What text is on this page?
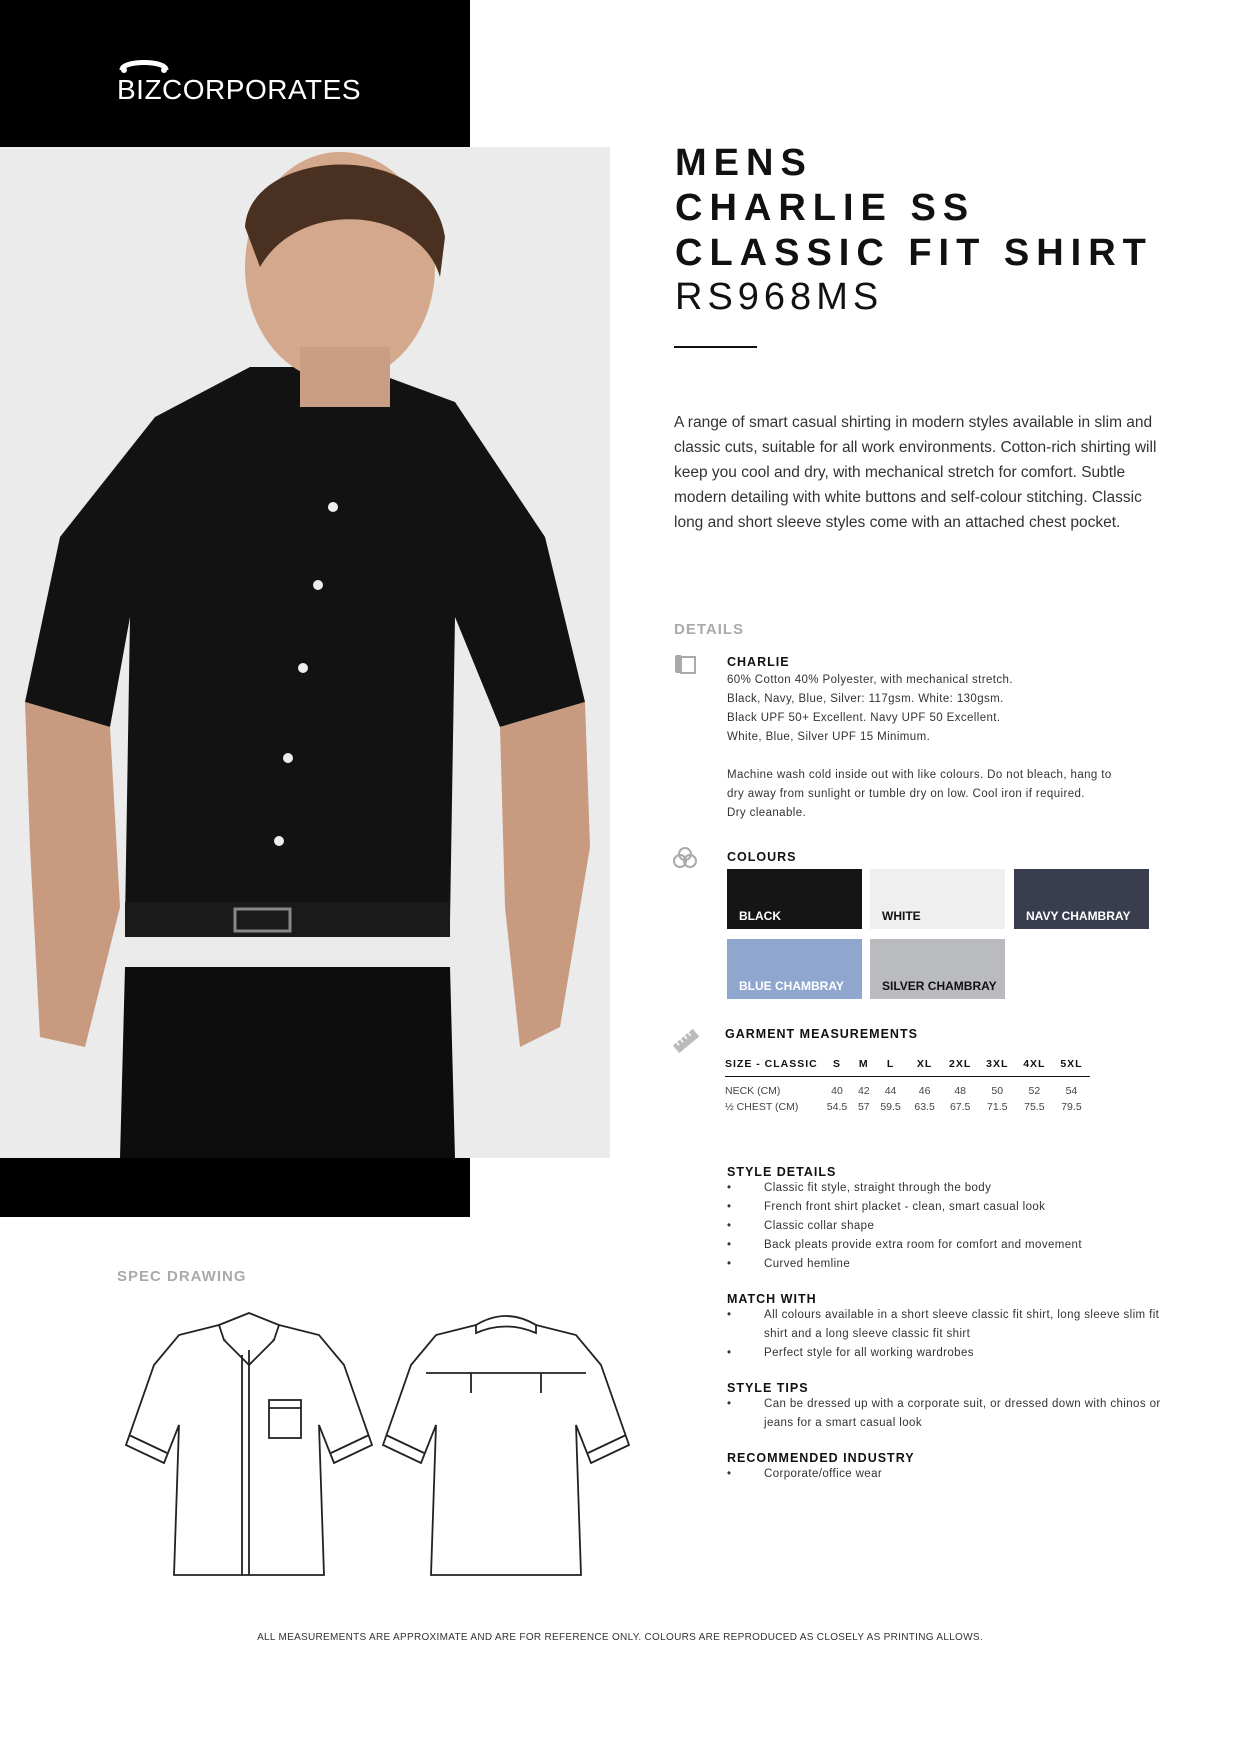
BIZCORPORATES
MENS
CHARLIE SS
CLASSIC FIT SHIRT
RS968MS
A range of smart casual shirting in modern styles available in slim and classic cuts, suitable for all work environments. Cotton-rich shirting will keep you cool and dry, with mechanical stretch for comfort. Subtle modern detailing with white buttons and self-colour stitching. Classic long and short sleeve styles come with an attached chest pocket.
DETAILS
CHARLIE
60% Cotton 40% Polyester, with mechanical stretch.
Black, Navy, Blue, Silver: 117gsm. White: 130gsm.
Black UPF 50+ Excellent. Navy UPF 50 Excellent.
White, Blue, Silver UPF 15 Minimum.
Machine wash cold inside out with like colours. Do not bleach, hang to
dry away from sunlight or tumble dry on low. Cool iron if required.
Dry cleanable.
COLOURS
BLACK	WHITE	NAVY CHAMBRAY
BLUE CHAMBRAY	SILVER CHAMBRAY
GARMENT MEASUREMENTS
SIZE - CLASSIC	S	M	L	XL	2XL	3XL	4XL	5XL
NECK (CM)	40	42	44	46	48	50	52	54
½ CHEST (CM)	54.5	57	59.5	63.5	67.5	71.5	75.5	79.5
STYLE DETAILS
• Classic fit style, straight through the body
• French front shirt placket - clean, smart casual look
• Classic collar shape
• Back pleats provide extra room for comfort and movement
• Curved hemline
MATCH WITH
• All colours available in a short sleeve classic fit shirt, long sleeve slim fit shirt and a long sleeve classic fit shirt
• Perfect style for all working wardrobes
STYLE TIPS
• Can be dressed up with a corporate suit, or dressed down with chinos or jeans for a smart casual look
RECOMMENDED INDUSTRY
• Corporate/office wear
SPEC DRAWING
ALL MEASUREMENTS ARE APPROXIMATE AND ARE FOR REFERENCE ONLY. COLOURS ARE REPRODUCED AS CLOSELY AS PRINTING ALLOWS.
